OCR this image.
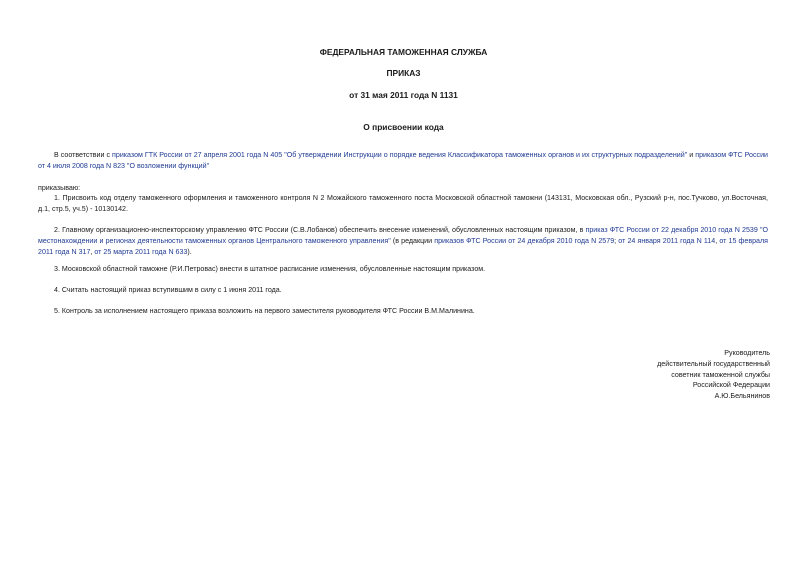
ФЕДЕРАЛЬНАЯ ТАМОЖЕННАЯ СЛУЖБА
ПРИКАЗ
от 31 мая 2011 года N 1131
О присвоении кода
В соответствии с приказом ГТК России от 27 апреля 2001 года N 405 "Об утверждении Инструкции о порядке ведения Классификатора таможенных органов и их структурных подразделений" и приказом ФТС России от 4 июля 2008 года N 823 "О возложении функций"
приказываю:
1. Присвоить код отделу таможенного оформления и таможенного контроля N 2 Можайского таможенного поста Московской областной таможни (143131, Московская обл., Рузский р-н, пос.Тучково, ул.Восточная, д.1, стр.5, уч.5) - 10130142.
2. Главному организационно-инспекторскому управлению ФТС России (С.В.Лобанов) обеспечить внесение изменений, обусловленных настоящим приказом, в приказ ФТС России от 22 декабря 2010 года N 2539 "О местонахождении и регионах деятельности таможенных органов Центрального таможенного управления" (в редакции приказов ФТС России от 24 декабря 2010 года N 2579; от 24 января 2011 года N 114, от 15 февраля 2011 года N 317, от 25 марта 2011 года N 633).
3. Московской областной таможне (Р.И.Петровас) внести в штатное расписание изменения, обусловленные настоящим приказом.
4. Считать настоящий приказ вступившим в силу с 1 июня 2011 года.
5. Контроль за исполнением настоящего приказа возложить на первого заместителя руководителя ФТС России В.М.Малинина.
Руководитель
действительный государственный
советник таможенной службы
Российской Федерации
А.Ю.Бельянинов
